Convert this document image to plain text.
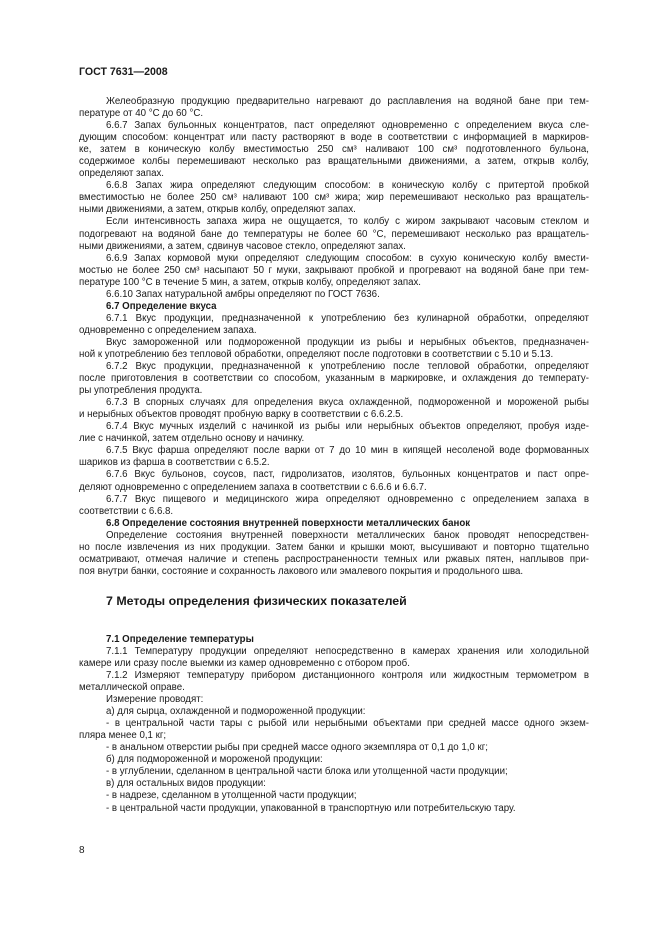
ГОСТ 7631—2008
Желеобразную продукцию предварительно нагревают до расплавления на водяной бане при тем-
пературе от 40 °С до 60 °С.
6.6.7 Запах бульонных концентратов, паст определяют одновременно с определением вкуса сле-
дующим способом: концентрат или пасту растворяют в воде в соответствии с информацией в маркиров-
ке, затем в коническую колбу вместимостью 250 см³ наливают 100 см³ подготовленного бульона,
содержимое колбы перемешивают несколько раз вращательными движениями, а затем, открыв колбу,
определяют запах.
6.6.8 Запах жира определяют следующим способом: в коническую колбу с притертой пробкой
вместимостью не более 250 см³ наливают 100 см³ жира; жир перемешивают несколько раз вращатель-
ными движениями, а затем, открыв колбу, определяют запах.
Если интенсивность запаха жира не ощущается, то колбу с жиром закрывают часовым стеклом и
подогревают на водяной бане до температуры не более 60 °С, перемешивают несколько раз вращатель-
ными движениями, а затем, сдвинув часовое стекло, определяют запах.
6.6.9 Запах кормовой муки определяют следующим способом: в сухую коническую колбу вмести-
мостью не более 250 см³ насыпают 50 г муки, закрывают пробкой и прогревают на водяной бане при тем-
пературе 100 °С в течение 5 мин, а затем, открыв колбу, определяют запах.
6.6.10 Запах натуральной амбры определяют по ГОСТ 7636.
6.7 Определение вкуса
6.7.1 Вкус продукции, предназначенной к употреблению без кулинарной обработки, определяют
одновременно с определением запаха.
Вкус замороженной или подмороженной продукции из рыбы и нерыбных объектов, предназначен-
ной к употреблению без тепловой обработки, определяют после подготовки в соответствии с 5.10 и 5.13.
6.7.2 Вкус продукции, предназначенной к употреблению после тепловой обработки, определяют
после приготовления в соответствии со способом, указанным в маркировке, и охлаждения до температу-
ры употребления продукта.
6.7.3 В спорных случаях для определения вкуса охлажденной, подмороженной и мороженой рыбы
и нерыбных объектов проводят пробную варку в соответствии с 6.6.2.5.
6.7.4 Вкус мучных изделий с начинкой из рыбы или нерыбных объектов определяют, пробуя изде-
лие с начинкой, затем отдельно основу и начинку.
6.7.5 Вкус фарша определяют после варки от 7 до 10 мин в кипящей несоленой воде формованных
шариков из фарша в соответствии с 6.5.2.
6.7.6 Вкус бульонов, соусов, паст, гидролизатов, изолятов, бульонных концентратов и паст опре-
деляют одновременно с определением запаха в соответствии с 6.6.6 и 6.6.7.
6.7.7 Вкус пищевого и медицинского жира определяют одновременно с определением запаха в
соответствии с 6.6.8.
6.8 Определение состояния внутренней поверхности металлических банок
Определение состояния внутренней поверхности металлических банок проводят непосредствен-
но после извлечения из них продукции. Затем банки и крышки моют, высушивают и повторно тщательно
осматривают, отмечая наличие и степень распространенности темных или ржавых пятен, наплывов при-
поя внутри банки, состояние и сохранность лакового или эмалевого покрытия и продольного шва.
7 Методы определения физических показателей
7.1 Определение температуры
7.1.1 Температуру продукции определяют непосредственно в камерах хранения или холодильной
камере или сразу после выемки из камер одновременно с отбором проб.
7.1.2 Измеряют температуру прибором дистанционного контроля или жидкостным термометром в
металлической оправе.
Измерение проводят:
а) для сырца, охлажденной и подмороженной продукции:
- в центральной части тары с рыбой или нерыбными объектами при средней массе одного экзем-
пляра менее 0,1 кг;
- в анальном отверстии рыбы при средней массе одного экземпляра от 0,1 до 1,0 кг;
б) для подмороженной и мороженой продукции:
- в углублении, сделанном в центральной части блока или утолщенной части продукции;
в) для остальных видов продукции:
- в надрезе, сделанном в утолщенной части продукции;
- в центральной части продукции, упакованной в транспортную или потребительскую тару.
8
